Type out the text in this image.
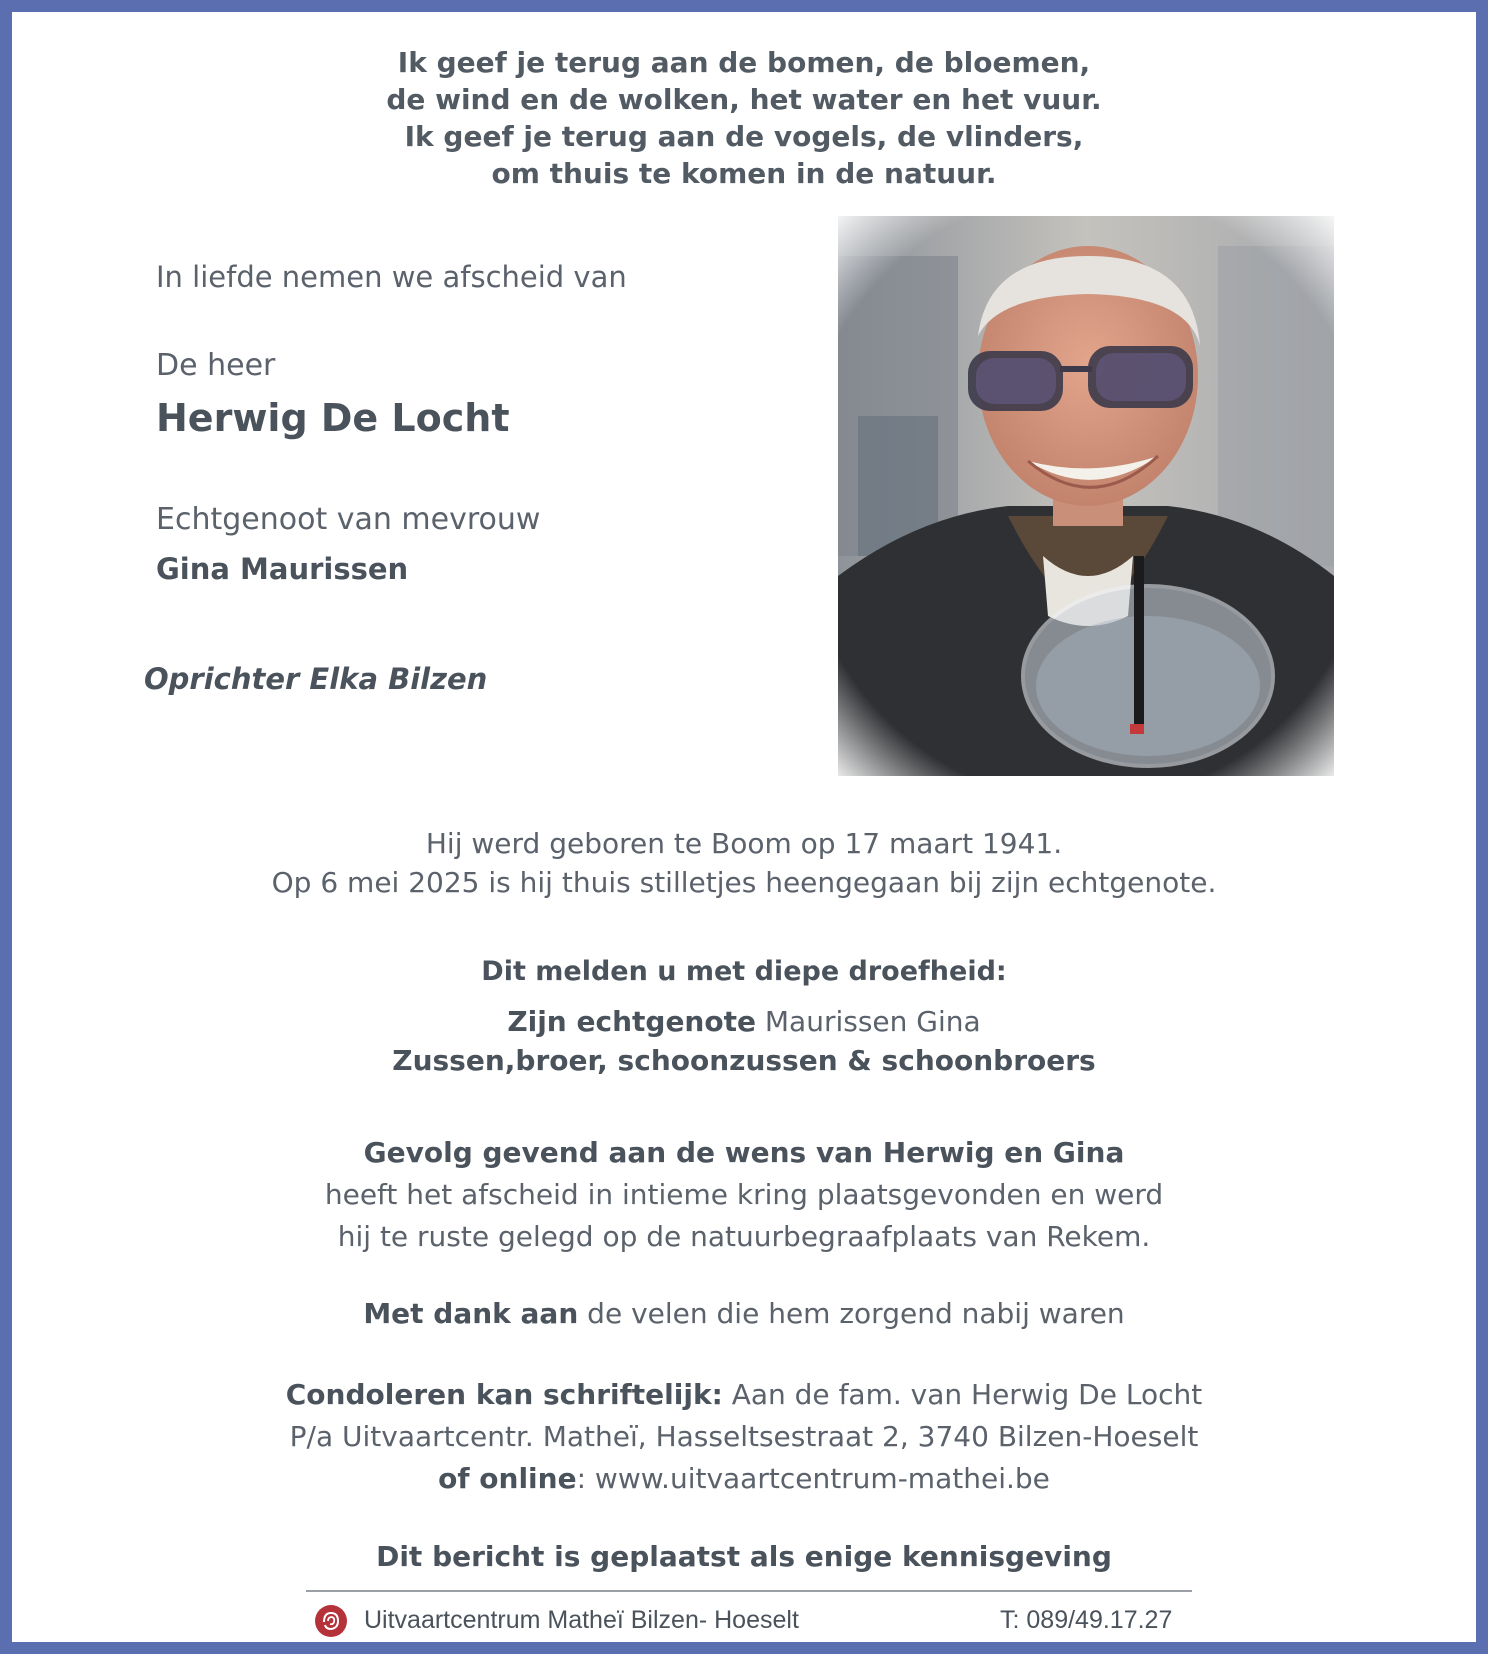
Ik geef je terug aan de bomen, de bloemen,
de wind en de wolken, het water en het vuur.
Ik geef je terug aan de vogels, de vlinders,
om thuis te komen in de natuur.
In liefde nemen we afscheid van
De heer
Herwig De Locht
Echtgenoot van mevrouw
Gina Maurissen
Oprichter Elka Bilzen
Hij werd geboren te Boom op 17 maart 1941.
Op 6 mei 2025 is hij thuis stilletjes heengegaan bij zijn echtgenote.
Dit melden u met diepe droefheid:
Zijn echtgenote Maurissen Gina
Zussen,broer, schoonzussen & schoonbroers
Gevolg gevend aan de wens van Herwig en Gina
heeft het afscheid in intieme kring plaatsgevonden en werd
hij te ruste gelegd op de natuurbegraafplaats van Rekem.
Met dank aan de velen die hem zorgend nabij waren
Condoleren kan schriftelijk: Aan de fam. van Herwig De Locht
P/a Uitvaartcentr. Matheï, Hasseltsestraat 2, 3740 Bilzen-Hoeselt
of online: www.uitvaartcentrum-mathei.be
Dit bericht is geplaatst als enige kennisgeving
Uitvaartcentrum Matheï Bilzen- Hoeselt	T: 089/49.17.27
